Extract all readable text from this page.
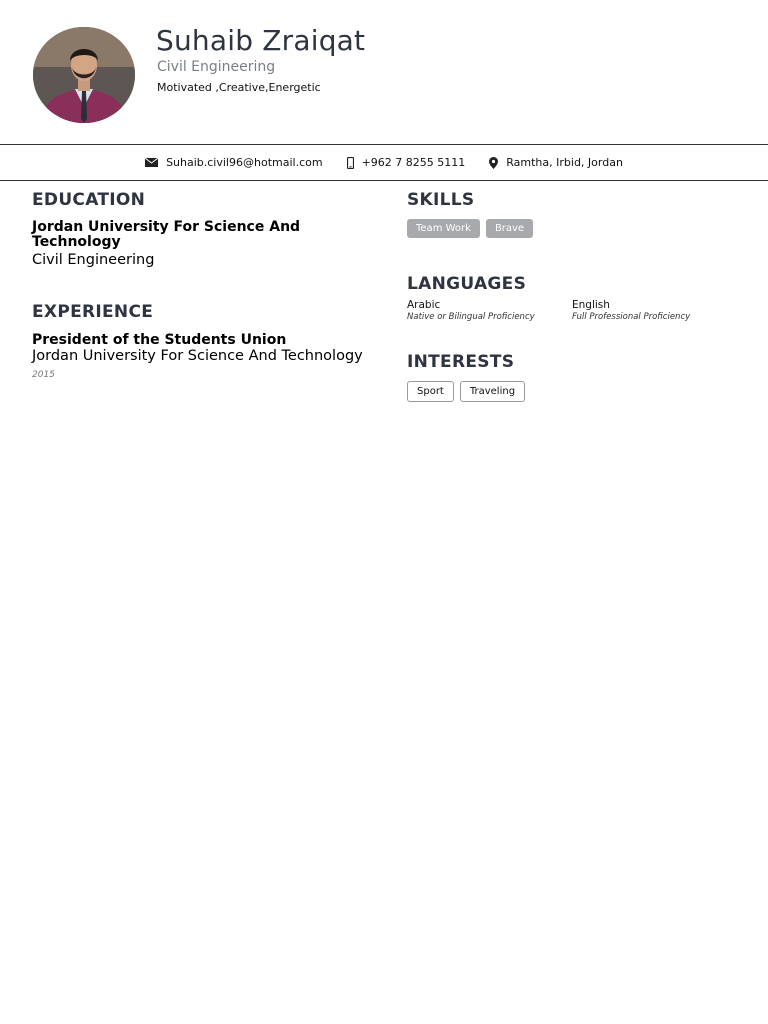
Suhaib Zraiqat
Civil Engineering
Motivated ,Creative,Energetic
Suhaib.civil96@hotmail.com	+962 7 8255 5111	Ramtha, Irbid, Jordan
EDUCATION
Jordan University For Science And Technology
Civil Engineering
EXPERIENCE
President of the Students Union
Jordan University For Science And Technology
2015
SKILLS
Team Work	Brave
LANGUAGES
Arabic
Native or Bilingual Proficiency
English
Full Professional Proficiency
INTERESTS
Sport	Traveling
